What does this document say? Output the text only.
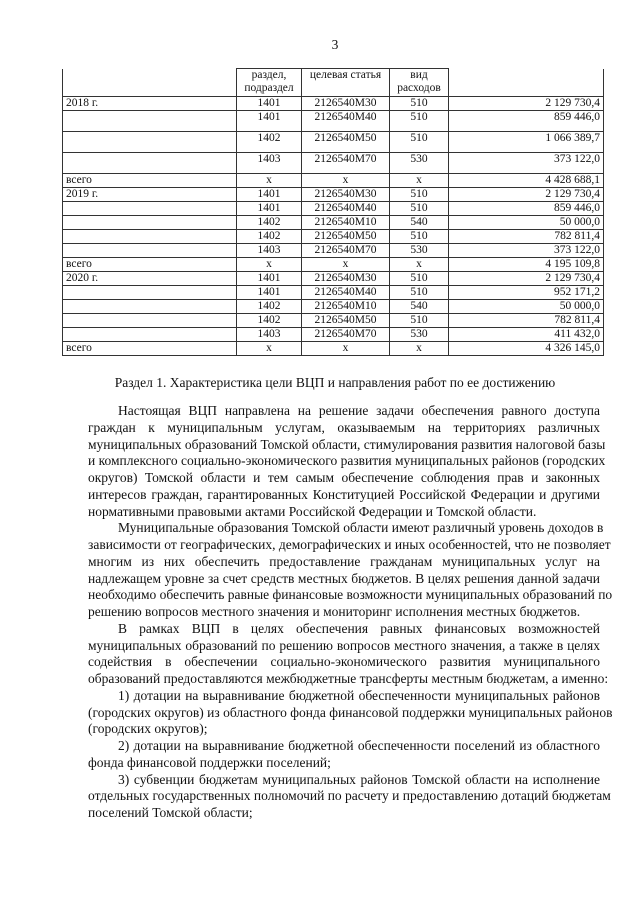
3
	раздел, подраздел	целевая статья	вид расходов	
2018 г.	1401	2126540М30	510	2 129 730,4
	1401	2126540М40	510	859 446,0
	1402	2126540М50	510	1 066 389,7
	1403	2126540М70	530	373 122,0
всего	х	х	х	4 428 688,1
2019 г.	1401	2126540М30	510	2 129 730,4
	1401	2126540М40	510	859 446,0
	1402	2126540М10	540	50 000,0
	1402	2126540М50	510	782 811,4
	1403	2126540М70	530	373 122,0
всего	х	х	х	4 195 109,8
2020 г.	1401	2126540М30	510	2 129 730,4
	1401	2126540М40	510	952 171,2
	1402	2126540М10	540	50 000,0
	1402	2126540М50	510	782 811,4
	1403	2126540М70	530	411 432,0
всего	х	х	х	4 326 145,0
Раздел 1. Характеристика цели ВЦП и направления работ по ее достижению
Настоящая ВЦП направлена на решение задачи обеспечения равного доступа
граждан к муниципальным услугам, оказываемым на территориях различных
муниципальных образований Томской области, стимулирования развития налоговой базы
и комплексного социально-экономического развития муниципальных районов (городских
округов) Томской области и тем самым обеспечение соблюдения прав и законных
интересов граждан, гарантированных Конституцией Российской Федерации и другими
нормативными правовыми актами Российской Федерации и Томской области.
Муниципальные образования Томской области имеют различный уровень доходов в
зависимости от географических, демографических и иных особенностей, что не позволяет
многим из них обеспечить предоставление гражданам муниципальных услуг на
надлежащем уровне за счет средств местных бюджетов. В целях решения данной задачи
необходимо обеспечить равные финансовые возможности муниципальных образований по
решению вопросов местного значения и мониторинг исполнения местных бюджетов.
В рамках ВЦП в целях обеспечения равных финансовых возможностей
муниципальных образований по решению вопросов местного значения, а также в целях
содействия в обеспечении социально-экономического развития муниципального
образований предоставляются межбюджетные трансферты местным бюджетам, а именно:
1) дотации на выравнивание бюджетной обеспеченности муниципальных районов
(городских округов) из областного фонда финансовой поддержки муниципальных районов
(городских округов);
2) дотации на выравнивание бюджетной обеспеченности поселений из областного
фонда финансовой поддержки поселений;
3) субвенции бюджетам муниципальных районов Томской области на исполнение
отдельных государственных полномочий по расчету и предоставлению дотаций бюджетам
поселений Томской области;
